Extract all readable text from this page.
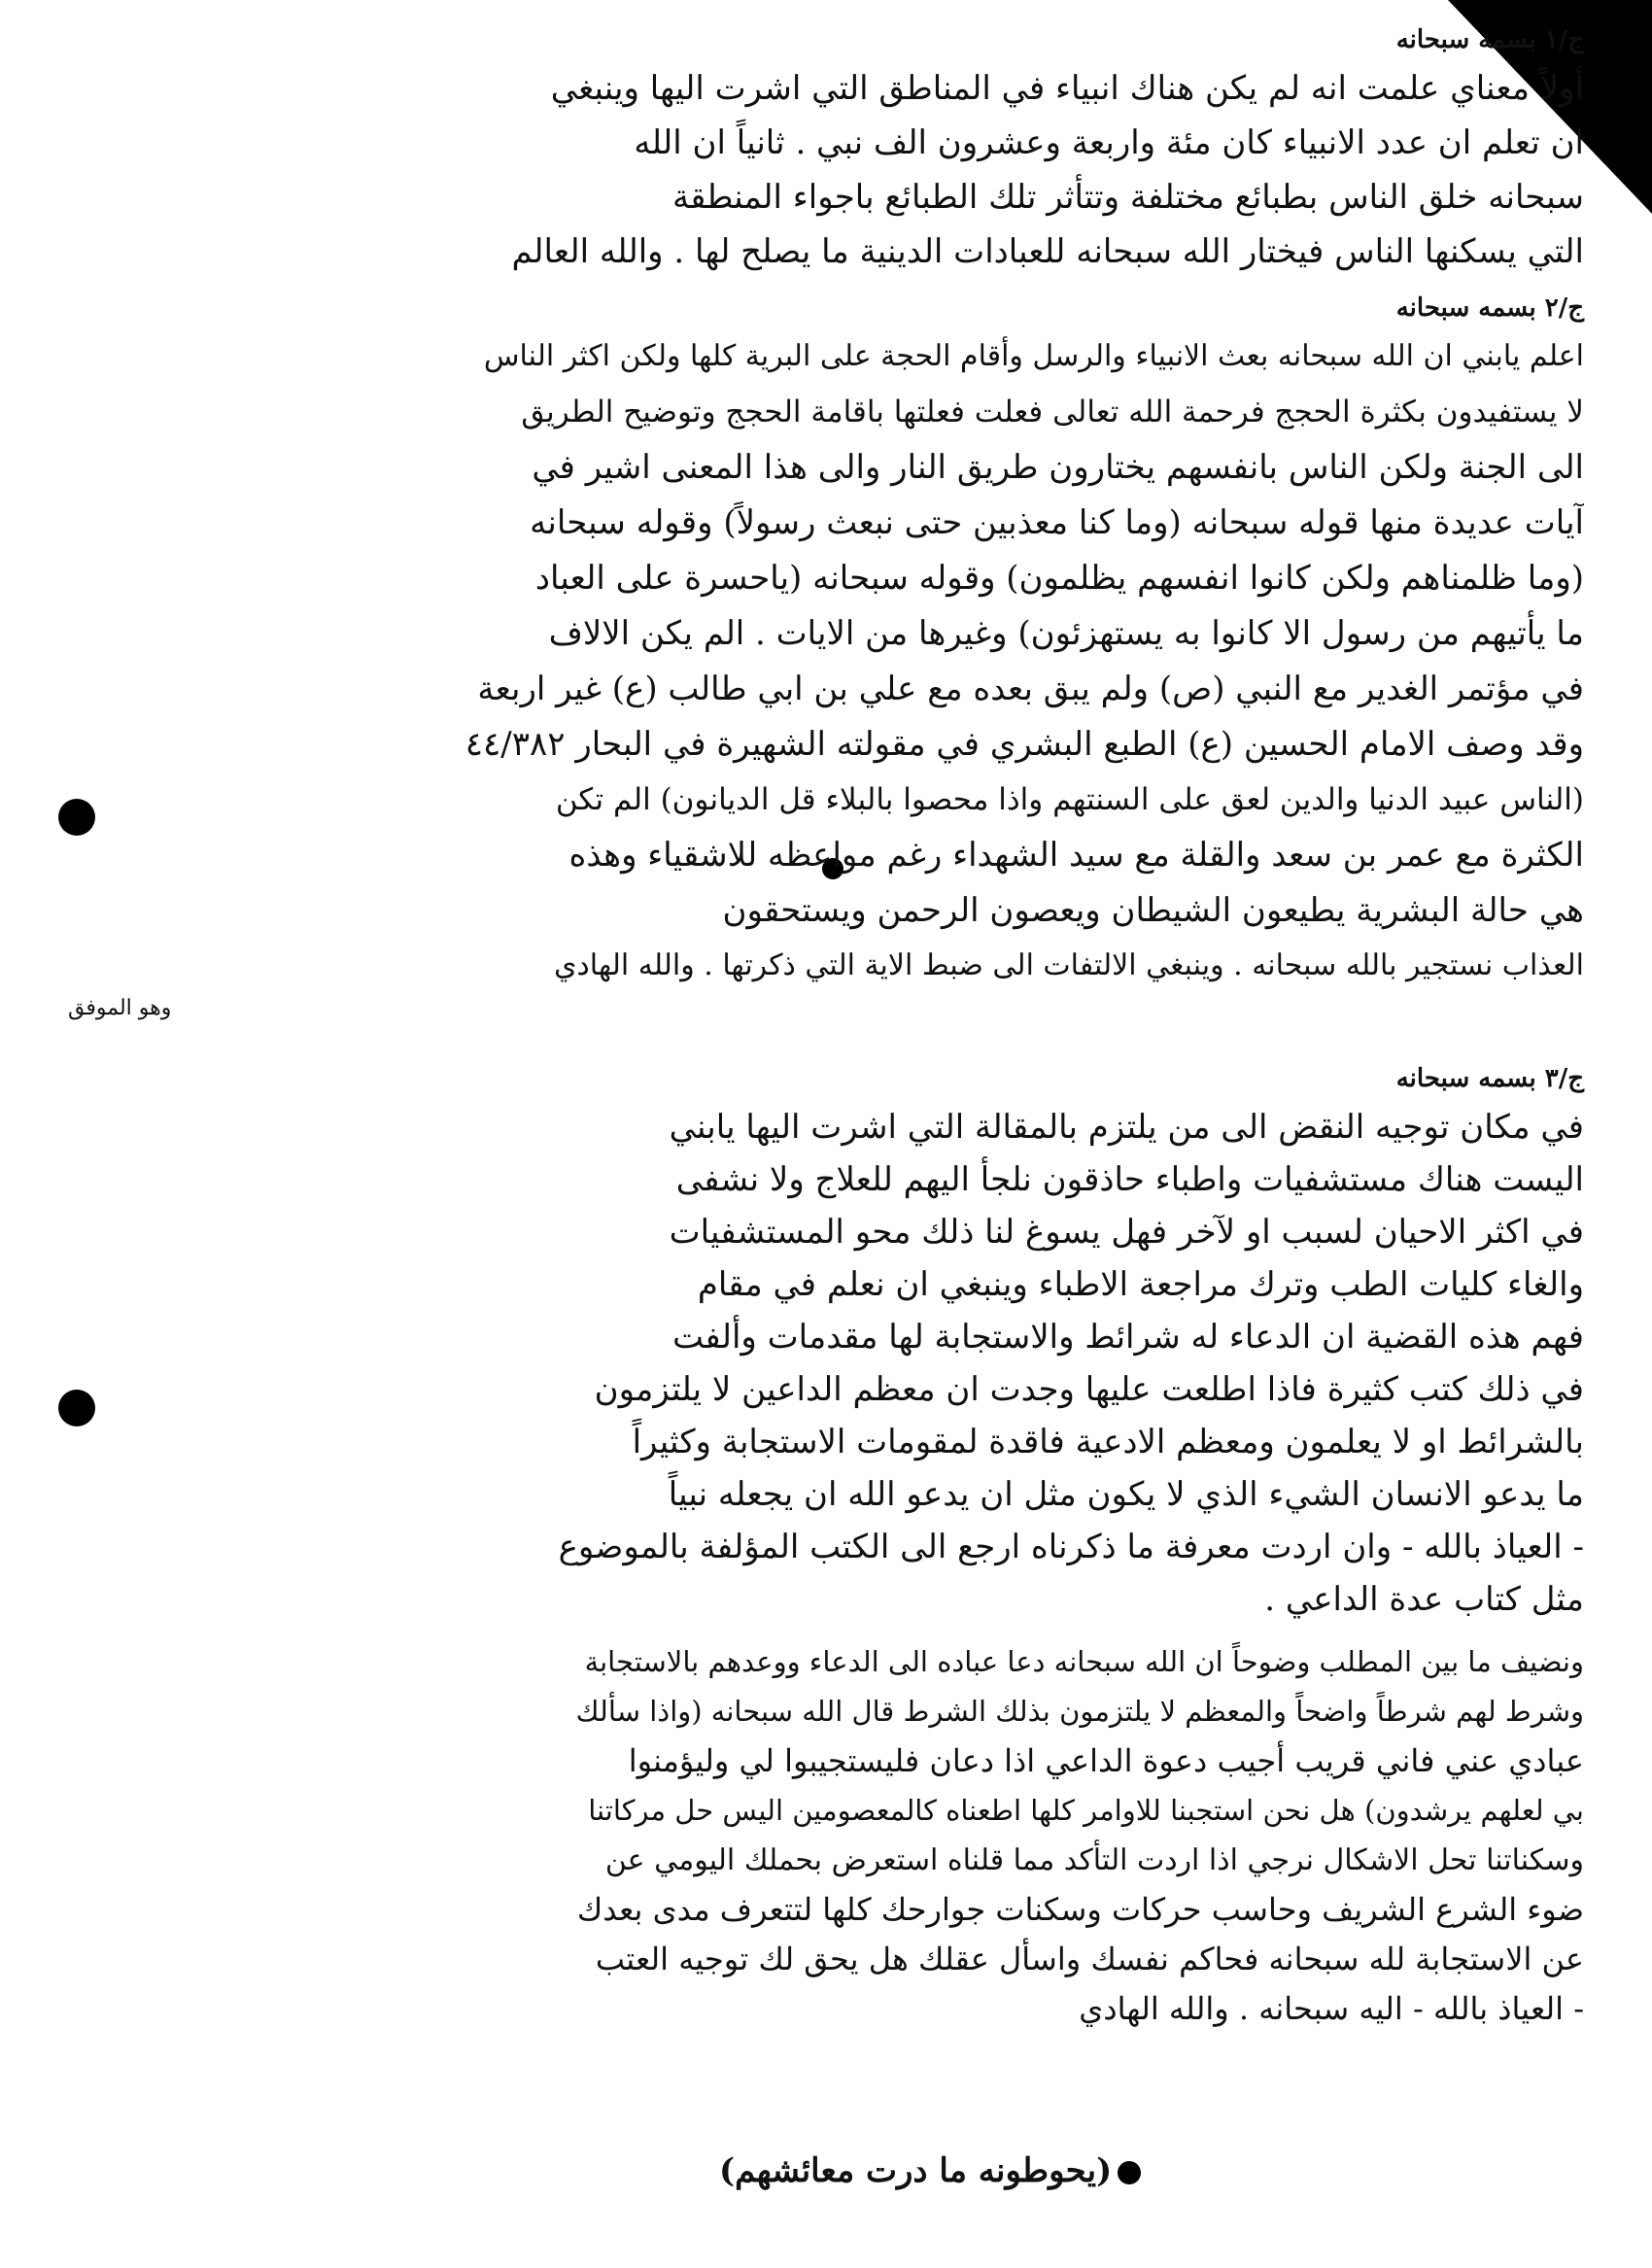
ج/١ بسمه سبحانه
أولاً معناي علمت انه لم يكن هناك انبياء في المناطق التي اشرت اليها وينبغي
ان تعلم ان عدد الانبياء كان مئة واربعة وعشرون الف نبي . ثانياً ان الله
سبحانه خلق الناس بطبائع مختلفة وتتأثر تلك الطبائع باجواء المنطقة
التي يسكنها الناس فيختار الله سبحانه للعبادات الدينية ما يصلح لها . والله العالم
ج/٢ بسمه سبحانه
اعلم يابني ان الله سبحانه بعث الانبياء والرسل وأقام الحجة على البرية كلها ولكن اكثر الناس
لا يستفيدون بكثرة الحجج فرحمة الله تعالى فعلت فعلتها باقامة الحجج وتوضيح الطريق
الى الجنة ولكن الناس بانفسهم يختارون طريق النار والى هذا المعنى اشير في
آيات عديدة منها قوله سبحانه (وما كنا معذبين حتى نبعث رسولاً) وقوله سبحانه
(وما ظلمناهم ولكن كانوا انفسهم يظلمون) وقوله سبحانه (ياحسرة على العباد
ما يأتيهم من رسول الا كانوا به يستهزئون) وغيرها من الايات . الم يكن الالاف
في مؤتمر الغدير مع النبي (ص) ولم يبق بعده مع علي بن ابي طالب (ع) غير اربعة
وقد وصف الامام الحسين (ع) الطبع البشري في مقولته الشهيرة في البحار ٤٤/٣٨٢
(الناس عبيد الدنيا والدين لعق على السنتهم واذا محصوا بالبلاء قل الديانون) الم تكن
الكثرة مع عمر بن سعد والقلة مع سيد الشهداء رغم مواعظه للاشقياء وهذه
هي حالة البشرية يطيعون الشيطان ويعصون الرحمن ويستحقون
العذاب نستجير بالله سبحانه . وينبغي الالتفات الى ضبط الاية التي ذكرتها . والله الهادي
وهو الموفق
ج/٣ بسمه سبحانه
في مكان توجيه النقض الى من يلتزم بالمقالة التي اشرت اليها يابني
اليست هناك مستشفيات واطباء حاذقون نلجأ اليهم للعلاج ولا نشفى
في اكثر الاحيان لسبب او لآخر فهل يسوغ لنا ذلك محو المستشفيات
والغاء كليات الطب وترك مراجعة الاطباء وينبغي ان نعلم في مقام
فهم هذه القضية ان الدعاء له شرائط والاستجابة لها مقدمات وألفت
في ذلك كتب كثيرة فاذا اطلعت عليها وجدت ان معظم الداعين لا يلتزمون
بالشرائط او لا يعلمون ومعظم الادعية فاقدة لمقومات الاستجابة وكثيراً
ما يدعو الانسان الشيء الذي لا يكون مثل ان يدعو الله ان يجعله نبياً
- العياذ بالله - وان اردت معرفة ما ذكرناه ارجع الى الكتب المؤلفة بالموضوع
مثل كتاب عدة الداعي .
ونضيف ما بين المطلب وضوحاً ان الله سبحانه دعا عباده الى الدعاء ووعدهم بالاستجابة
وشرط لهم شرطاً واضحاً والمعظم لا يلتزمون بذلك الشرط قال الله سبحانه (واذا سألك
عبادي عني فاني قريب أجيب دعوة الداعي اذا دعان فليستجيبوا لي وليؤمنوا
بي لعلهم يرشدون) هل نحن استجبنا للاوامر كلها اطعناه كالمعصومين اليس حل مركاتنا
وسكناتنا تحل الاشكال نرجي اذا اردت التأكد مما قلناه استعرض بحملك اليومي عن
ضوء الشرع الشريف وحاسب حركات وسكنات جوارحك كلها لتتعرف مدى بعدك
عن الاستجابة لله سبحانه فحاكم نفسك واسأل عقلك هل يحق لك توجيه العتب
- العياذ بالله - اليه سبحانه . والله الهادي
(يحوطونه ما درت معائشهم)
